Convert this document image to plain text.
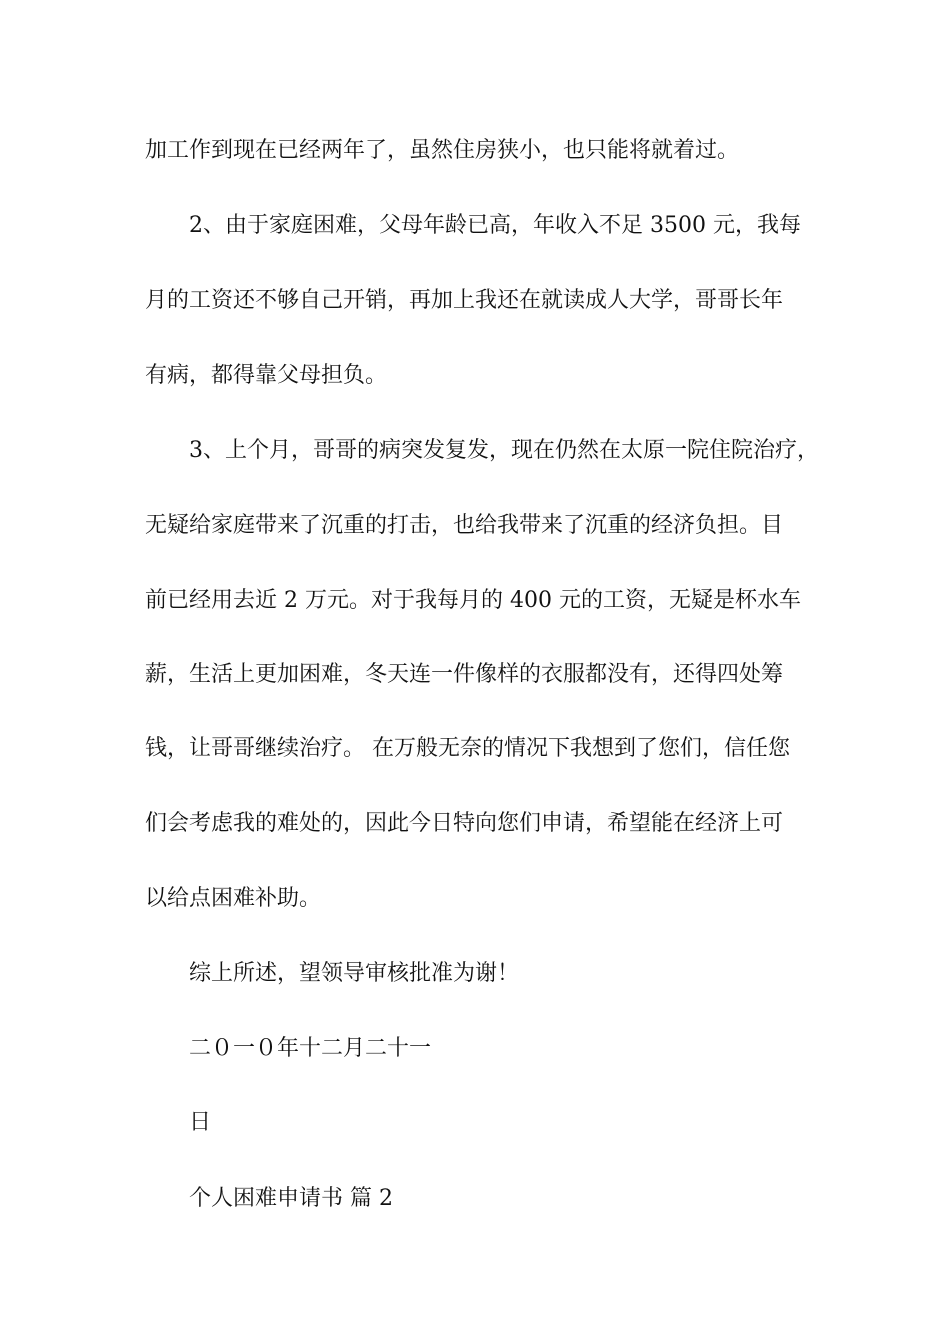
加工作到现在已经两年了，虽然住房狭小，也只能将就着过。
2、由于家庭困难，父母年龄已高，年收入不足 3500 元，我每
月的工资还不够自己开销，再加上我还在就读成人大学，哥哥长年
有病，都得靠父母担负。
3、上个月，哥哥的病突发复发，现在仍然在太原一院住院治疗，
无疑给家庭带来了沉重的打击，也给我带来了沉重的经济负担。目
前已经用去近 2 万元。对于我每月的 400 元的工资，无疑是杯水车
薪，生活上更加困难，冬天连一件像样的衣服都没有，还得四处筹
钱，让哥哥继续治疗。 在万般无奈的情况下我想到了您们，信任您
们会考虑我的难处的，因此今日特向您们申请，希望能在经济上可
以给点困难补助。
综上所述，望领导审核批准为谢！
二０一０年十二月二十一
日
个人困难申请书 篇 2
